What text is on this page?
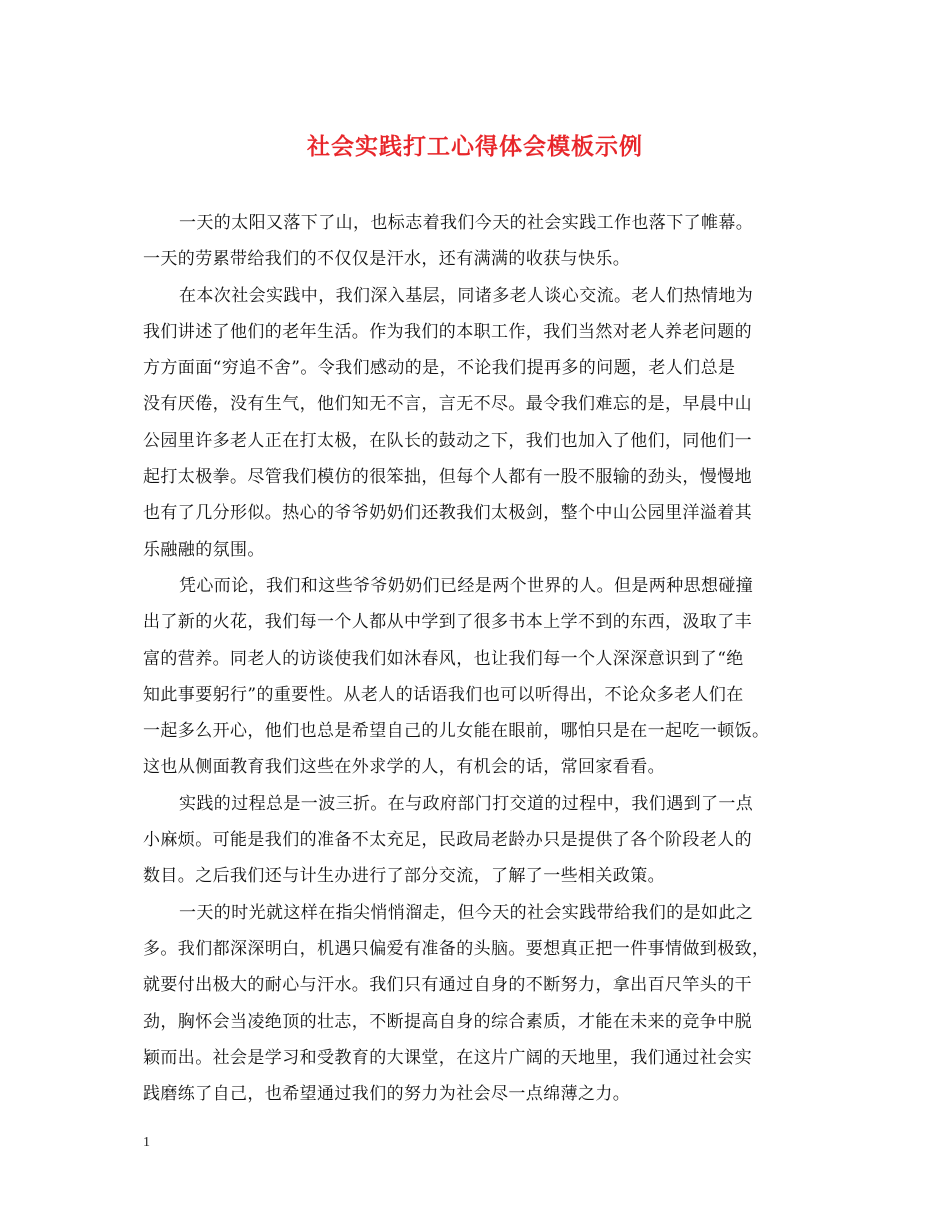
社会实践打工心得体会模板示例
一天的太阳又落下了山，也标志着我们今天的社会实践工作也落下了帷幕。
一天的劳累带给我们的不仅仅是汗水，还有满满的收获与快乐。
在本次社会实践中，我们深入基层，同诸多老人谈心交流。老人们热情地为
我们讲述了他们的老年生活。作为我们的本职工作，我们当然对老人养老问题的
方方面面“穷追不舍”。令我们感动的是，不论我们提再多的问题，老人们总是
没有厌倦，没有生气，他们知无不言，言无不尽。最令我们难忘的是，早晨中山
公园里许多老人正在打太极，在队长的鼓动之下，我们也加入了他们，同他们一
起打太极拳。尽管我们模仿的很笨拙，但每个人都有一股不服输的劲头，慢慢地
也有了几分形似。热心的爷爷奶奶们还教我们太极剑，整个中山公园里洋溢着其
乐融融的氛围。
凭心而论，我们和这些爷爷奶奶们已经是两个世界的人。但是两种思想碰撞
出了新的火花，我们每一个人都从中学到了很多书本上学不到的东西，汲取了丰
富的营养。同老人的访谈使我们如沐春风，也让我们每一个人深深意识到了“绝
知此事要躬行”的重要性。从老人的话语我们也可以听得出，不论众多老人们在
一起多么开心，他们也总是希望自己的儿女能在眼前，哪怕只是在一起吃一顿饭。
这也从侧面教育我们这些在外求学的人，有机会的话，常回家看看。
实践的过程总是一波三折。在与政府部门打交道的过程中，我们遇到了一点
小麻烦。可能是我们的准备不太充足，民政局老龄办只是提供了各个阶段老人的
数目。之后我们还与计生办进行了部分交流，了解了一些相关政策。
一天的时光就这样在指尖悄悄溜走，但今天的社会实践带给我们的是如此之
多。我们都深深明白，机遇只偏爱有准备的头脑。要想真正把一件事情做到极致，
就要付出极大的耐心与汗水。我们只有通过自身的不断努力，拿出百尺竿头的干
劲，胸怀会当凌绝顶的壮志，不断提高自身的综合素质，才能在未来的竞争中脱
颖而出。社会是学习和受教育的大课堂，在这片广阔的天地里，我们通过社会实
践磨练了自己，也希望通过我们的努力为社会尽一点绵薄之力。
1
